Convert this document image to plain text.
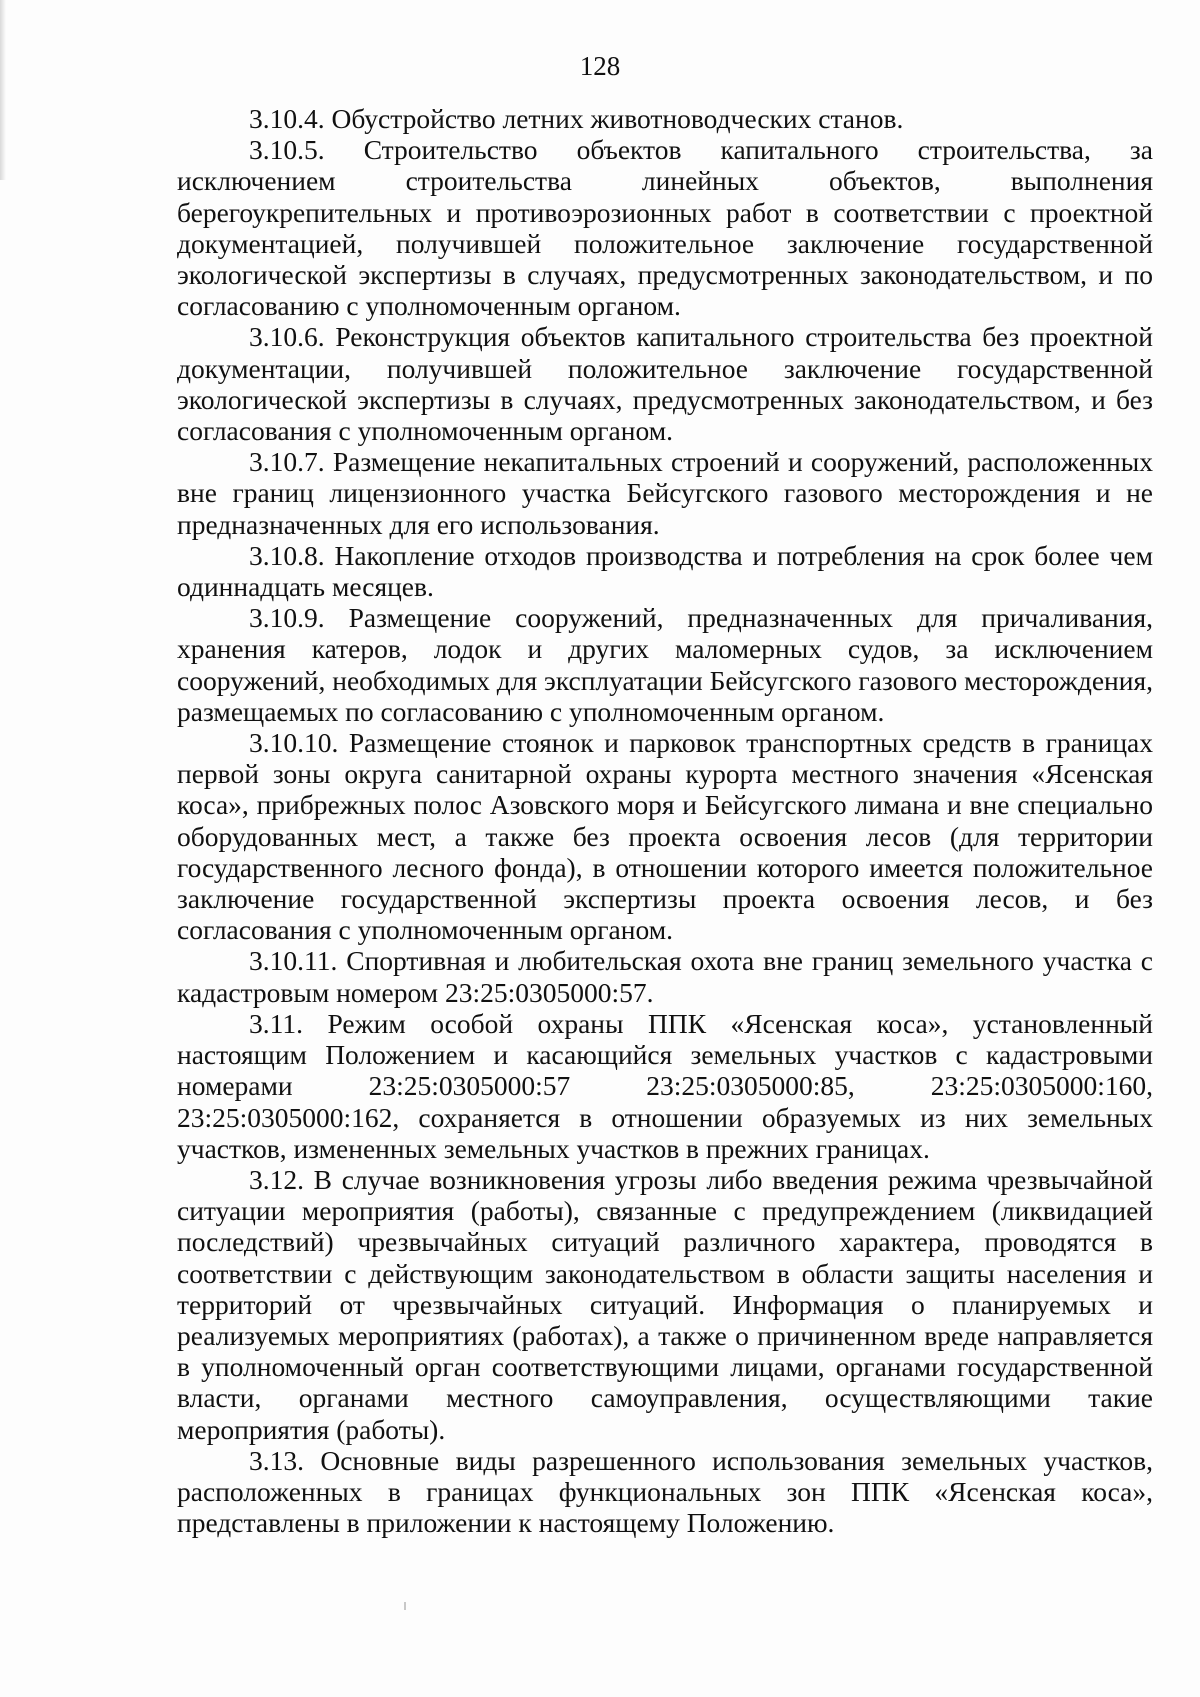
128

3.10.4. Обустройство летних животноводческих станов.

3.10.5. Строительство объектов капитального строительства, за исключением строительства линейных объектов, выполнения берегоукрепительных и противоэрозионных работ в соответствии с проектной документацией, получившей положительное заключение государственной экологической экспертизы в случаях, предусмотренных законодательством, и по согласованию с уполномоченным органом.

3.10.6. Реконструкция объектов капитального строительства без проектной документации, получившей положительное заключение государственной экологической экспертизы в случаях, предусмотренных законодательством, и без согласования с уполномоченным органом.

3.10.7. Размещение некапитальных строений и сооружений, расположенных вне границ лицензионного участка Бейсугского газового месторождения и не предназначенных для его использования.

3.10.8. Накопление отходов производства и потребления на срок более чем одиннадцать месяцев.

3.10.9. Размещение сооружений, предназначенных для причаливания, хранения катеров, лодок и других маломерных судов, за исключением сооружений, необходимых для эксплуатации Бейсугского газового месторождения, размещаемых по согласованию с уполномоченным органом.

3.10.10. Размещение стоянок и парковок транспортных средств в границах первой зоны округа санитарной охраны курорта местного значения «Ясенская коса», прибрежных полос Азовского моря и Бейсугского лимана и вне специально оборудованных мест, а также без проекта освоения лесов (для территории государственного лесного фонда), в отношении которого имеется положительное заключение государственной экспертизы проекта освоения лесов, и без согласования с уполномоченным органом.

3.10.11. Спортивная и любительская охота вне границ земельного участка с кадастровым номером 23:25:0305000:57.

3.11. Режим особой охраны ППК «Ясенская коса», установленный настоящим Положением и касающийся земельных участков с кадастровыми номерами 23:25:0305000:57 23:25:0305000:85, 23:25:0305000:160, 23:25:0305000:162, сохраняется в отношении образуемых из них земельных участков, измененных земельных участков в прежних границах.

3.12. В случае возникновения угрозы либо введения режима чрезвычайной ситуации мероприятия (работы), связанные с предупреждением (ликвидацией последствий) чрезвычайных ситуаций различного характера, проводятся в соответствии с действующим законодательством в области защиты населения и территорий от чрезвычайных ситуаций. Информация о планируемых и реализуемых мероприятиях (работах), а также о причиненном вреде направляется в уполномоченный орган соответствующими лицами, органами государственной власти, органами местного самоуправления, осуществляющими такие мероприятия (работы).

3.13. Основные виды разрешенного использования земельных участков, расположенных в границах функциональных зон ППК «Ясенская коса», представлены в приложении к настоящему Положению.
